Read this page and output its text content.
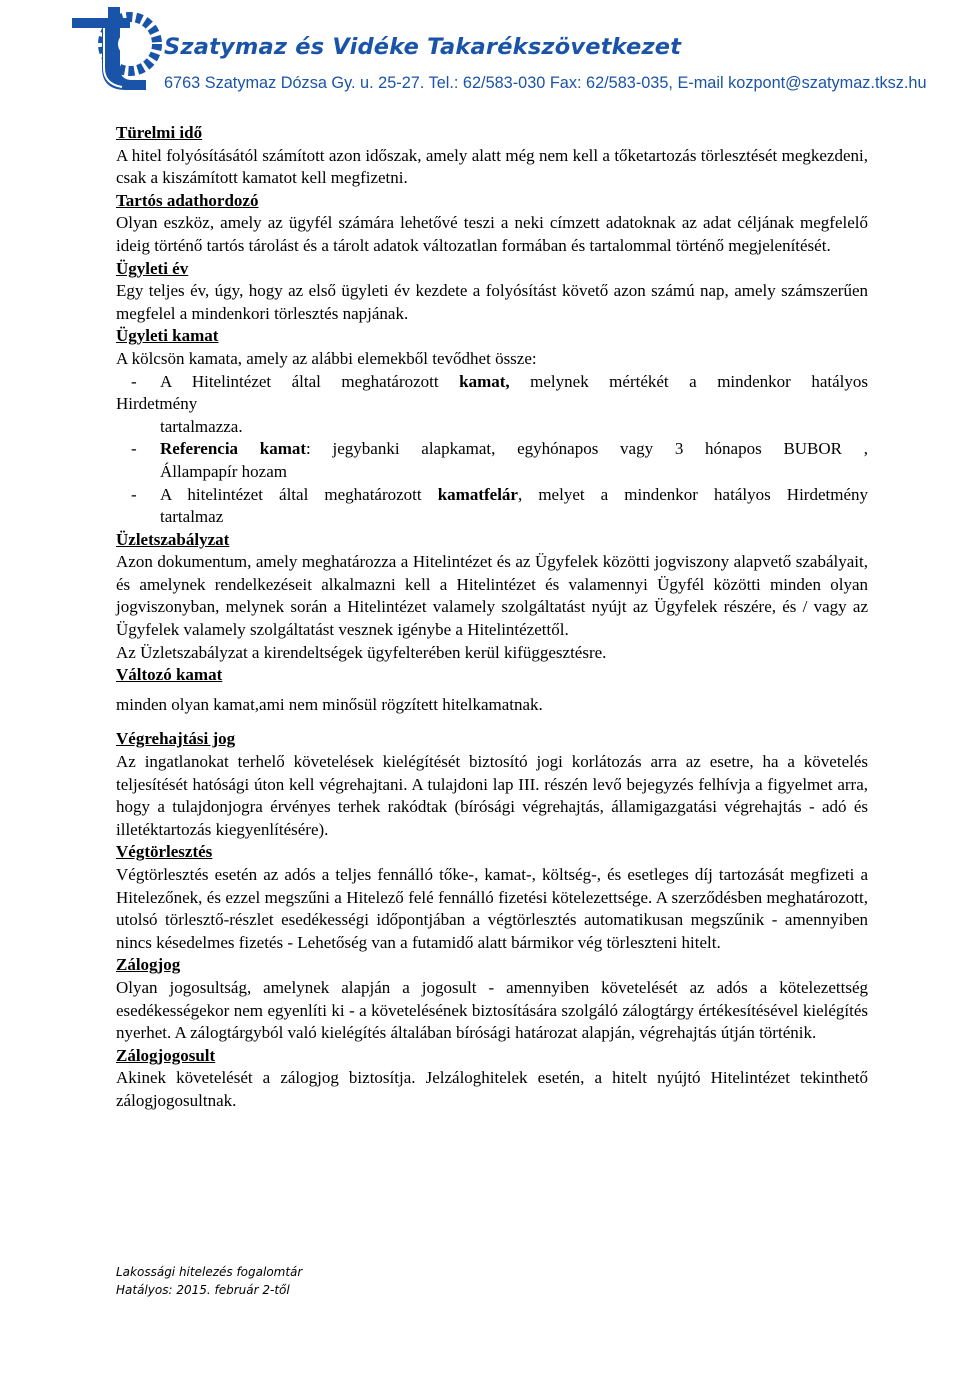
Szatymaz és Vidéke Takarékszövetkezet
6763 Szatymaz Dózsa Gy. u. 25-27. Tel.: 62/583-030 Fax: 62/583-035, E-mail kozpont@szatymaz.tksz.hu

Türelmi idő

A hitel folyósításától számított azon időszak, amely alatt még nem kell a tőketartozás törlesztését megkezdeni, csak a kiszámított kamatot kell megfizetni.

Tartós adathordozó

Olyan eszköz, amely az ügyfél számára lehetővé teszi a neki címzett adatoknak az adat céljának megfelelő ideig történő tartós tárolást és a tárolt adatok változatlan formában és tartalommal történő megjelenítését.

Ügyleti év

Egy teljes év, úgy, hogy az első ügyleti év kezdete a folyósítást követő azon számú nap, amely számszerűen megfelel a mindenkori törlesztés napjának.

Ügyleti kamat

A kölcsön kamata, amely az alábbi elemekből tevődhet össze:

- A Hitelintézet által meghatározott kamat, melynek mértékét a mindenkor hatályos

Hirdetmény

tartalmazza.

- Referencia kamat: jegybanki alapkamat, egyhónapos vagy 3 hónapos BUBOR ,

Állampapír hozam

- A hitelintézet által meghatározott kamatfelár, melyet a mindenkor hatályos Hirdetmény

tartalmaz

Üzletszabályzat

Azon dokumentum, amely meghatározza a Hitelintézet és az Ügyfelek közötti jogviszony alapvető szabályait, és amelynek rendelkezéseit alkalmazni kell a Hitelintézet és valamennyi Ügyfél közötti minden olyan jogviszonyban, melynek során a Hitelintézet valamely szolgáltatást nyújt az Ügyfelek részére, és / vagy az Ügyfelek valamely szolgáltatást vesznek igénybe a Hitelintézettől.

Az Üzletszabályzat a kirendeltségek ügyfelterében kerül kifüggesztésre.

Változó kamat

minden olyan kamat,ami nem minősül rögzített hitelkamatnak.

Végrehajtási jog

Az ingatlanokat terhelő követelések kielégítését biztosító jogi korlátozás arra az esetre, ha a követelés teljesítését hatósági úton kell végrehajtani. A tulajdoni lap III. részén levő bejegyzés felhívja a figyelmet arra, hogy a tulajdonjogra érvényes terhek rakódtak (bírósági végrehajtás, államigazgatási végrehajtás - adó és illetéktartozás kiegyenlítésére).

Végtörlesztés

Végtörlesztés esetén az adós a teljes fennálló tőke-, kamat-, költség-, és esetleges díj tartozását megfizeti a Hitelezőnek, és ezzel megszűni a Hitelező felé fennálló fizetési kötelezettsége. A szerződésben meghatározott, utolsó törlesztő-részlet esedékességi időpontjában a végtörlesztés automatikusan megszűnik - amennyiben nincs késedelmes fizetés - Lehetőség van a futamidő alatt bármikor vég törleszteni hitelt.

Zálogjog

Olyan jogosultság, amelynek alapján a jogosult - amennyiben követelését az adós a kötelezettség esedékességekor nem egyenlíti ki - a követelésének biztosítására szolgáló zálogtárgy értékesítésével kielégítés nyerhet. A zálogtárgyból való kielégítés általában bírósági határozat alapján, végrehajtás útján történik.

Zálogjogosult

Akinek követelését a zálogjog biztosítja. Jelzáloghitelek esetén, a hitelt nyújtó Hitelintézet tekinthető zálogjogosultnak.

Lakossági hitelezés fogalomtár
Hatályos: 2015. február 2-től
